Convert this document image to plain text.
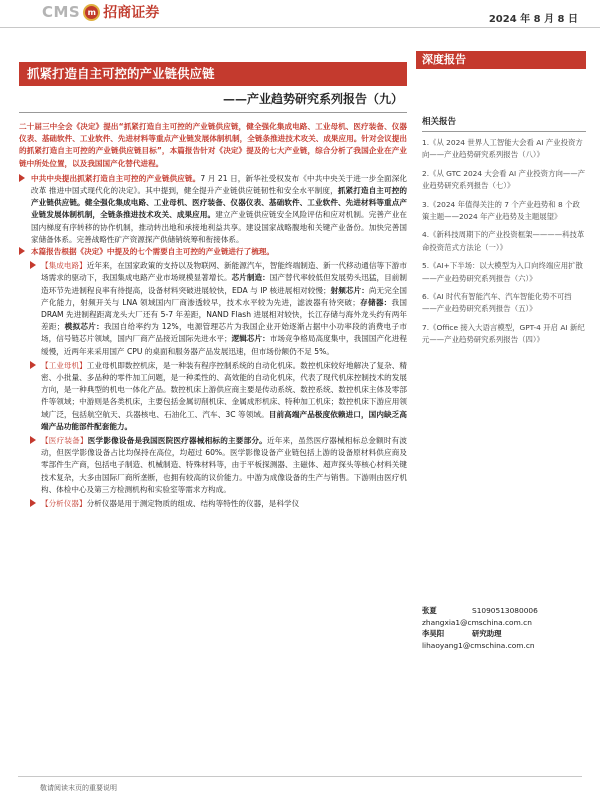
CMS m 招商证券	2024 年 8 月 8 日
抓紧打造自主可控的产业链供应链
——产业趋势研究系列报告（九）

二十届三中全会《决定》提出“抓紧打造自主可控的产业链供应链，健全强化集成电路、工业母机、医疗装备、仪器仪表、基础软件、工业软件、先进材料等重点产业链发展体制机制，全链条推进技术攻关、成果应用。针对会议提出的抓紧打造自主可控的产业链供应链目标”，本篇报告针对《决定》提及的七大产业链，综合分析了我国企业在产业链中所处位置，以及我国国产化替代进程。

中共中央提出抓紧打造自主可控的产业链供应链。7 月 21 日，新华社受权发布《中共中央关于进一步全面深化改革 推进中国式现代化的决定》。其中提到，健全提升产业链供应链韧性和安全水平制度，抓紧打造自主可控的产业链供应链。健全强化集成电路、工业母机、医疗装备、仪器仪表、基础软件、工业软件、先进材料等重点产业链发展体制机制，全链条推进技术攻关、成果应用。建立产业链供应链安全风险评估和应对机制。完善产业在国内梯度有序转移的协作机制，推动转出地和承接地利益共享。建设国家战略腹地和关键产业备份。加快完善国家储备体系。完善战略性矿产资源探产供储销统筹和衔接体系。
本篇报告根据《决定》中提及的七个需要自主可控的产业链进行了梳理。
【集成电路】近年来，在国家政策的支持以及物联网、新能源汽车，智能终端制造、新一代移动通信等下游市场需求的驱动下，我国集成电路产业市场规模显著增长。芯片制造：国产替代率较低但发展势头迅猛，目前制造环节先进制程良率有待提高，设备材料突破进展较快，EDA 与 IP 核进展相对较慢；射频芯片：尚无完全国产化能力，射频开关与 LNA 领域国内厂商渗透较早，技术水平较为先进，滤波器有待突破；存储器：我国 DRAM 先进制程距离龙头大厂还有 5-7 年差距，NAND Flash 进展相对较快，长江存储与海外龙头约有两年差距；模拟芯片：我国自给率约为 12%，电源管理芯片为我国企业开始逐渐占据中小功率段的消费电子市场，信号链芯片领域，国内厂商产品接近国际先进水平；逻辑芯片：市场竞争格局高度集中，我国国产化进程缓慢，近两年来采用国产 CPU 的桌面和服务器产品发展迅速，但市场份额仍不足 5%。
【工业母机】工业母机即数控机床，是一种装有程序控制系统的自动化机床。数控机床较好地解决了复杂、精密、小批量、多品种的零件加工问题，是一种柔性的、高效能的自动化机床，代表了现代机床控制技术的发展方向，是一种典型的机电一体化产品。数控机床上游供应商主要是传动系统、数控系统、数控机床主体及零部件等领域；中游则是各类机床，主要包括金属切削机床、金属成形机床、特种加工机床；数控机床下游应用领域广泛，包括航空航天、兵器核电、石油化工、汽车、3C 等领域。目前高端产品极度依赖进口，国内缺乏高端产品功能部件配套能力。
【医疗装备】医学影像设备是我国医院医疗器械相标的主要部分。近年来，虽然医疗器械相标总金额时有波动，但医学影像设备占比均保持在高位，均超过 60%。医学影像设备产业链包括上游的设备原材料供应商及零部件生产商，包括电子制造、机械制造、特殊材料等，由于平板探测器、主磁体、超声探头等核心材料关键技术复杂，大多由国际厂商所垄断，也拥有较高的议价能力。中游为成像设备的生产与销售。下游则由医疗机构、体检中心及第三方检测机构和实验室等需求方构成。
【分析仪器】分析仪器是用于测定物质的组成、结构等特性的仪器，是科学仪
深度报告
相关报告
1.《从 2024 世界人工智能大会看 AI 产业投资方向——产业趋势研究系列报告（八）》
2.《从 GTC 2024 大会看 AI 产业投资方向——产业趋势研究系列报告（七）》
3.《2024 年值得关注的 7 个产业趋势和 8 个政策主题——2024 年产业趋势及主题展望》
4.《新科技周期下的产业投资框架————科技革命投资范式方法论（一）》
5.《AI+下半场：以大模型为入口向终端应用扩散——产业趋势研究系列报告（六）》
6.《AI 时代有智能汽车、汽车智能化势不可挡——产业趋势研究系列报告（五）》
7.《Office 接入大语言模型，GPT-4 开启 AI 新纪元——产业趋势研究系列报告（四）》
张夏	S1090513080006
zhangxia1@cmschina.com.cn
李昊阳	研究助理
lihaoyang1@cmschina.com.cn
敬请阅读末页的重要说明
